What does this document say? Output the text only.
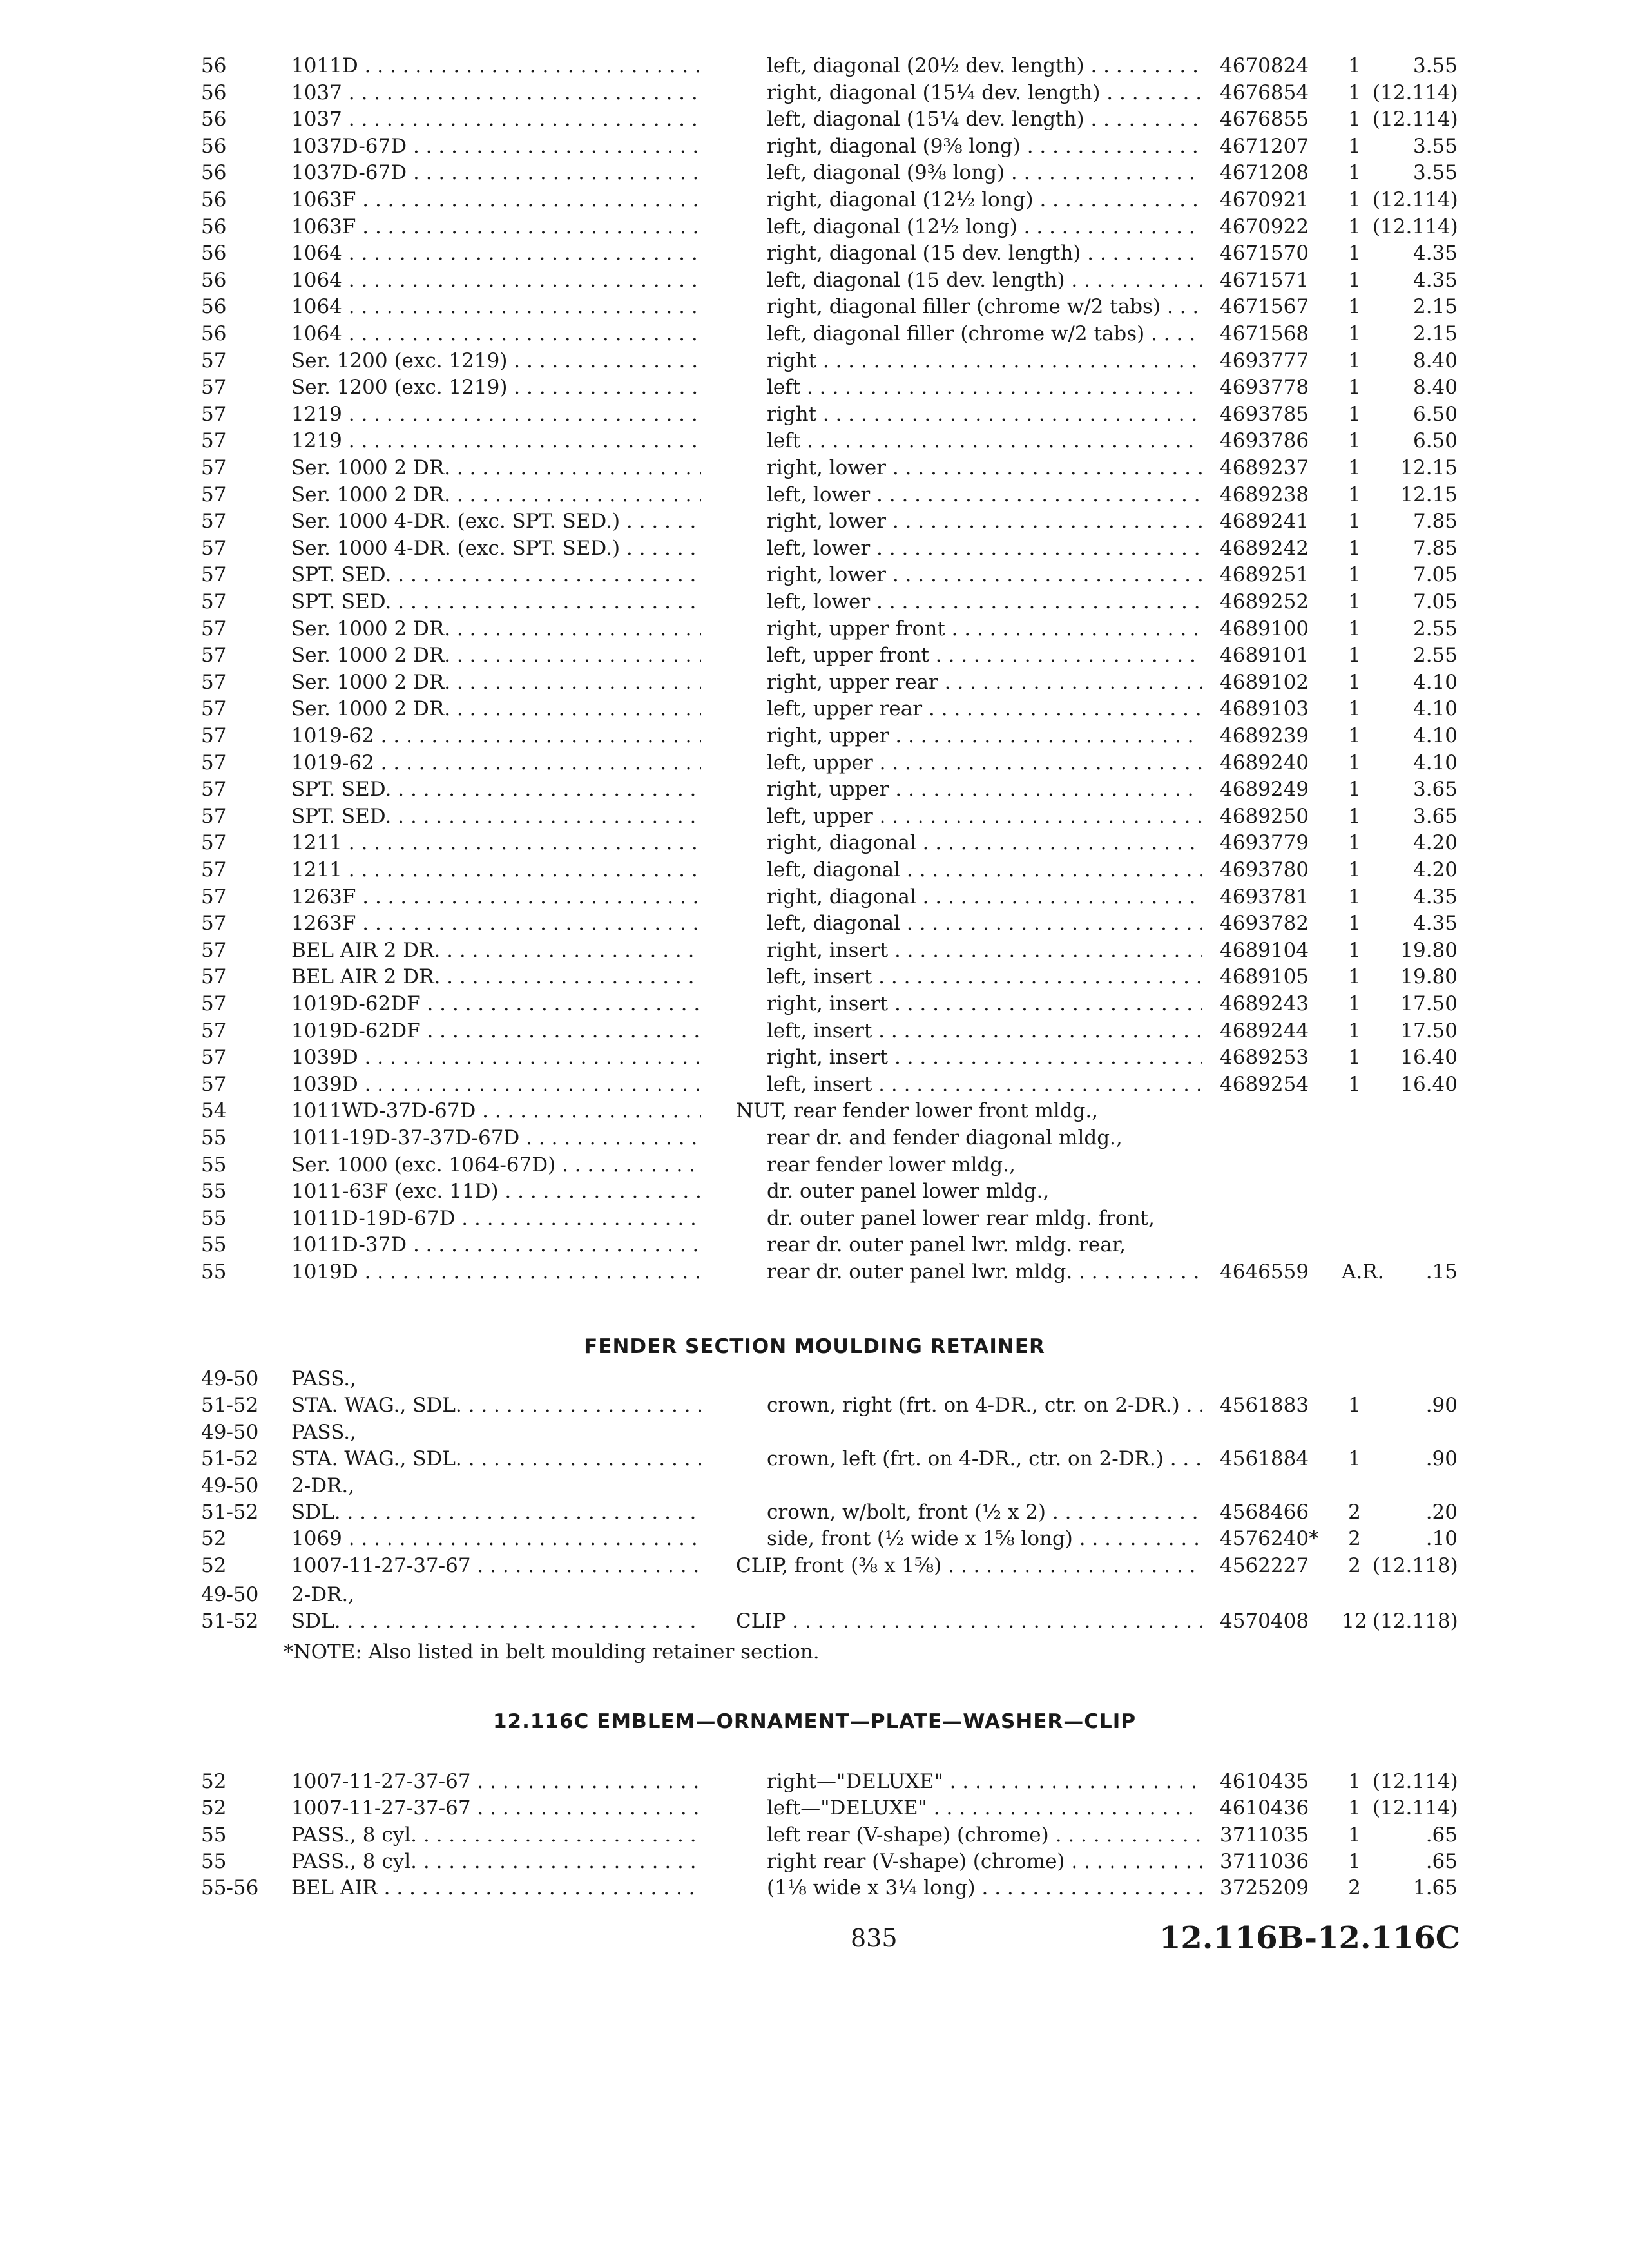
56	1011D . . .	left, diagonal (20½ dev. length) . . .	4670824	1	3.55
56	1037 . . .	right, diagonal (15¼ dev. length) . . .	4676854	1 (12.114)
56	1037 . . .	left, diagonal (15¼ dev. length) . . .	4676855	1 (12.114)
56	1037D-67D . . .	right, diagonal (9⅜ long) . . .	4671207	1	3.55
56	1037D-67D . . .	left, diagonal (9⅜ long) . . .	4671208	1	3.55
56	1063F . . .	right, diagonal (12½ long) . . .	4670921	1 (12.114)
56	1063F . . .	left, diagonal (12½ long) . . .	4670922	1 (12.114)
56	1064 . . .	right, diagonal (15 dev. length) . . .	4671570	1	4.35
56	1064 . . .	left, diagonal (15 dev. length) . . .	4671571	1	4.35
56	1064 . . .	right, diagonal filler (chrome w/2 tabs) . . .	4671567	1	2.15
56	1064 . . .	left, diagonal filler (chrome w/2 tabs) . . .	4671568	1	2.15
57	Ser. 1200 (exc. 1219) . . .	right . . .	4693777	1	8.40
57	Ser. 1200 (exc. 1219) . . .	left . . .	4693778	1	8.40
57	1219 . . .	right . . .	4693785	1	6.50
57	1219 . . .	left . . .	4693786	1	6.50
57	Ser. 1000 2 DR. . . .	right, lower . . .	4689237	1	12.15
57	Ser. 1000 2 DR. . . .	left, lower . . .	4689238	1	12.15
57	Ser. 1000 4-DR. (exc. SPT. SED.) . . .	right, lower . . .	4689241	1	7.85
57	Ser. 1000 4-DR. (exc. SPT. SED.) . . .	left, lower . . .	4689242	1	7.85
57	SPT. SED. . . .	right, lower . . .	4689251	1	7.05
57	SPT. SED. . . .	left, lower . . .	4689252	1	7.05
57	Ser. 1000 2 DR. . . .	right, upper front . . .	4689100	1	2.55
57	Ser. 1000 2 DR. . . .	left, upper front . . .	4689101	1	2.55
57	Ser. 1000 2 DR. . . .	right, upper rear . . .	4689102	1	4.10
57	Ser. 1000 2 DR. . . .	left, upper rear . . .	4689103	1	4.10
57	1019-62 . . .	right, upper . . .	4689239	1	4.10
57	1019-62 . . .	left, upper . . .	4689240	1	4.10
57	SPT. SED. . . .	right, upper . . .	4689249	1	3.65
57	SPT. SED. . . .	left, upper . . .	4689250	1	3.65
57	1211 . . .	right, diagonal . . .	4693779	1	4.20
57	1211 . . .	left, diagonal . . .	4693780	1	4.20
57	1263F . . .	right, diagonal . . .	4693781	1	4.35
57	1263F . . .	left, diagonal . . .	4693782	1	4.35
57	BEL AIR 2 DR. . . .	right, insert . . .	4689104	1	19.80
57	BEL AIR 2 DR. . . .	left, insert . . .	4689105	1	19.80
57	1019D-62DF . . .	right, insert . . .	4689243	1	17.50
57	1019D-62DF . . .	left, insert . . .	4689244	1	17.50
57	1039D . . .	right, insert . . .	4689253	1	16.40
57	1039D . . .	left, insert . . .	4689254	1	16.40
54	1011WD-37D-67D . . .	NUT, rear fender lower front mldg.,
55	1011-19D-37-37D-67D . . .	rear dr. and fender diagonal mldg.,
55	Ser. 1000 (exc. 1064-67D) . . .	rear fender lower mldg.,
55	1011-63F (exc. 11D) . . .	dr. outer panel lower mldg.,
55	1011D-19D-67D . . .	dr. outer panel lower rear mldg. front,
55	1011D-37D . . .	rear dr. outer panel lwr. mldg. rear,
55	1019D . . .	rear dr. outer panel lwr. mldg. . . .	4646559 A.R.	.15
FENDER SECTION MOULDING RETAINER
49-50 PASS.,
51-52 STA. WAG., SDL. . . .	crown, right (frt. on 4-DR., ctr. on 2-DR.) . . .	4561883	1	.90
49-50 PASS.,
51-52 STA. WAG., SDL. . . .	crown, left (frt. on 4-DR., ctr. on 2-DR.) . . .	4561884	1	.90
49-50 2-DR.,
51-52 SDL. . . .	crown, w/bolt, front (½ x 2) . . .	4568466	2	.20
52	1069 . . .	side, front (½ wide x 1⅝ long) . . .	4576240*	2	.10
52	1007-11-27-37-67 . . .	CLIP, front (⅜ x 1⅝) . . .	4562227	2 (12.118)
49-50 2-DR.,
51-52 SDL. . . .	CLIP . . .	4570408 12 (12.118)
*NOTE: Also listed in belt moulding retainer section.
12.116C EMBLEM—ORNAMENT—PLATE—WASHER—CLIP
52	1007-11-27-37-67 . . .	right—"DELUXE" . . .	4610435	1 (12.114)
52	1007-11-27-37-67 . . .	left—"DELUXE" . . .	4610436	1 (12.114)
55	PASS., 8 cyl. . . .	left rear (V-shape) (chrome) . . .	3711035	1	.65
55	PASS., 8 cyl. . . .	right rear (V-shape) (chrome) . . .	3711036	1	.65
55-56 BEL AIR . . .	(1⅛ wide x 3¼ long) . . .	3725209	2	1.65
835	12.116B-12.116C
